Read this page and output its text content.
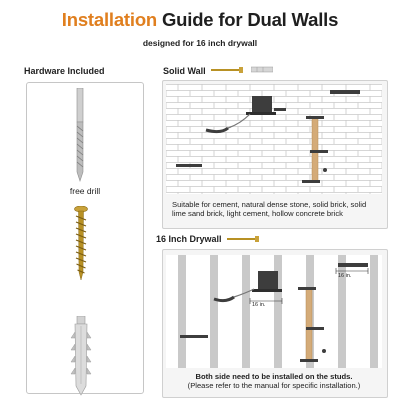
Installation Guide for Dual Walls
designed for 16 inch drywall
Hardware Included
free drill
Solid Wall
Suitable for cement, natural dense stone, solid brick, solid lime sand brick, light cement, hollow concrete brick
16 Inch Drywall
16 in.
16 in.
Both side need to be installed on the studs.
(Please refer to the manual for specific installation.)
